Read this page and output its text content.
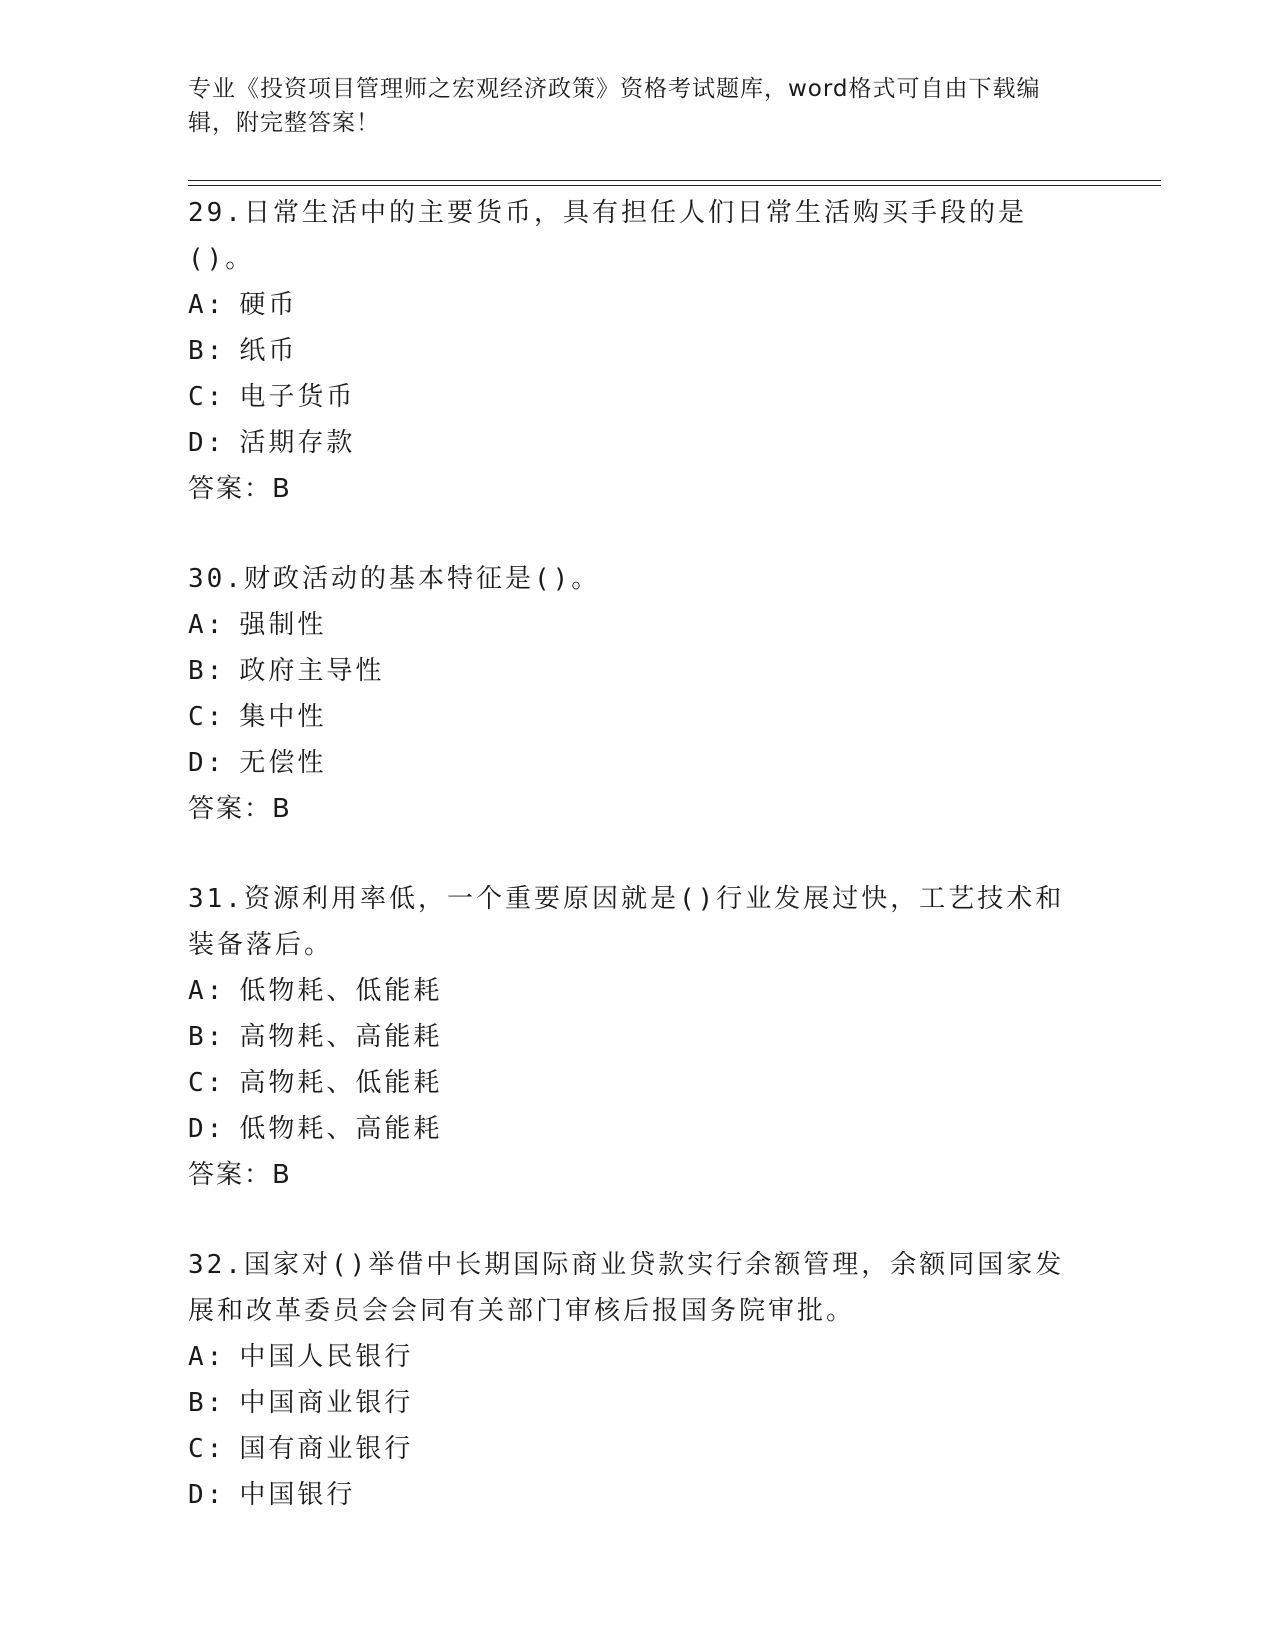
专业《投资项目管理师之宏观经济政策》资格考试题库，word格式可自由下载编
辑，附完整答案！
29.日常生活中的主要货币，具有担任人们日常生活购买手段的是()。
A: 硬币
B: 纸币
C: 电子货币
D: 活期存款
答案：B
30.财政活动的基本特征是()。
A: 强制性
B: 政府主导性
C: 集中性
D: 无偿性
答案：B
31.资源利用率低，一个重要原因就是()行业发展过快，工艺技术和装备落后。
A: 低物耗、低能耗
B: 高物耗、高能耗
C: 高物耗、低能耗
D: 低物耗、高能耗
答案：B
32.国家对()举借中长期国际商业贷款实行余额管理，余额同国家发展和改革委员会会同有关部门审核后报国务院审批。
A: 中国人民银行
B: 中国商业银行
C: 国有商业银行
D: 中国银行
